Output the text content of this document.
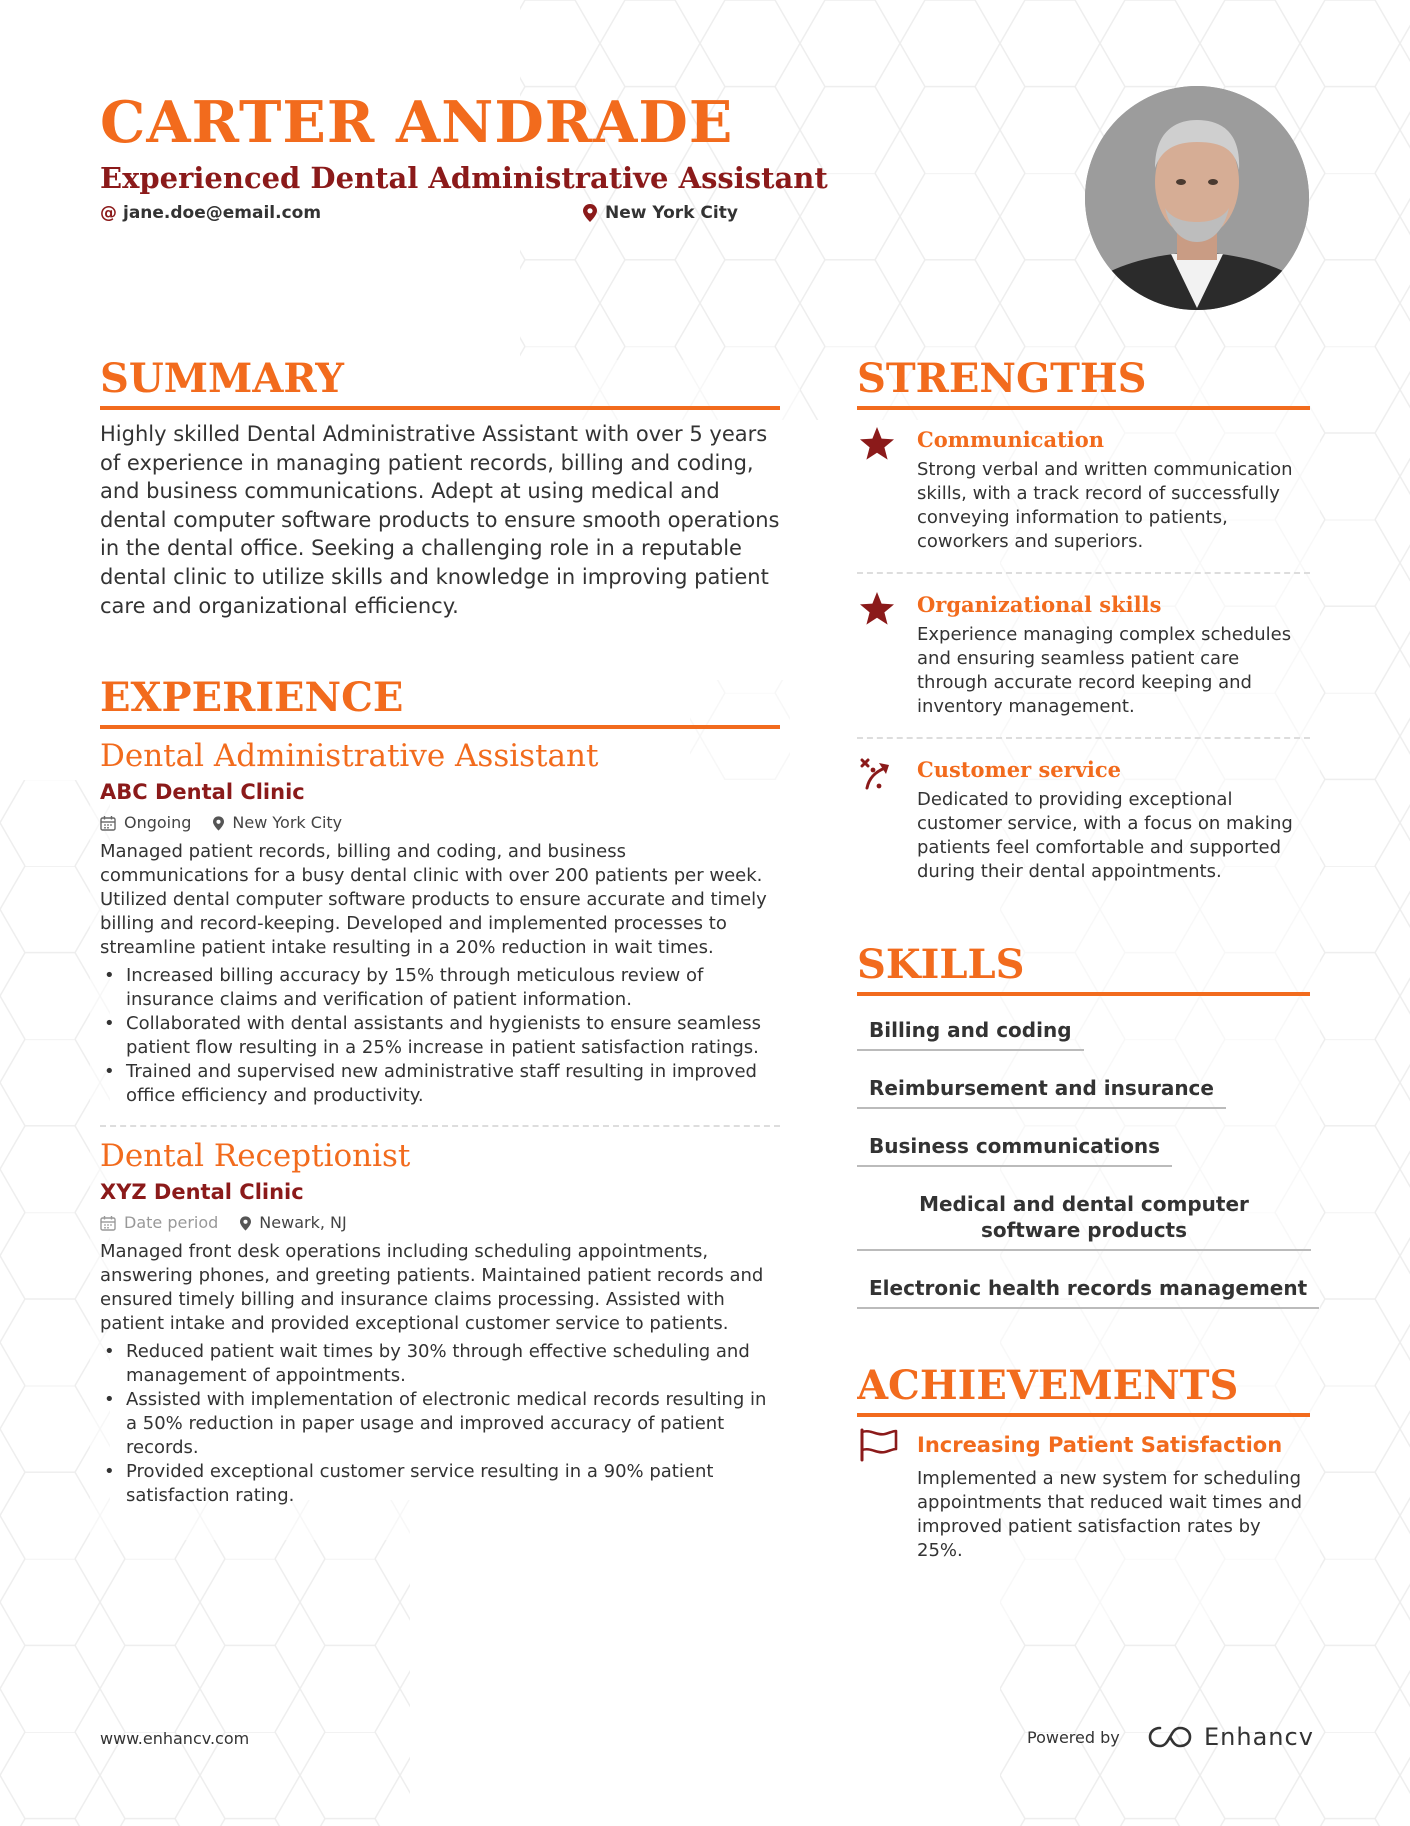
CARTER ANDRADE
Experienced Dental Administrative Assistant
@ jane.doe@email.com	New York City
SUMMARY
Highly skilled Dental Administrative Assistant with over 5 years of experience in managing patient records, billing and coding, and business communications. Adept at using medical and dental computer software products to ensure smooth operations in the dental office. Seeking a challenging role in a reputable dental clinic to utilize skills and knowledge in improving patient care and organizational efficiency.
EXPERIENCE
Dental Administrative Assistant
ABC Dental Clinic
Ongoing	New York City
Managed patient records, billing and coding, and business communications for a busy dental clinic with over 200 patients per week. Utilized dental computer software products to ensure accurate and timely billing and record-keeping. Developed and implemented processes to streamline patient intake resulting in a 20% reduction in wait times.
• Increased billing accuracy by 15% through meticulous review of insurance claims and verification of patient information.
• Collaborated with dental assistants and hygienists to ensure seamless patient flow resulting in a 25% increase in patient satisfaction ratings.
• Trained and supervised new administrative staff resulting in improved office efficiency and productivity.
Dental Receptionist
XYZ Dental Clinic
Date period	Newark, NJ
Managed front desk operations including scheduling appointments, answering phones, and greeting patients. Maintained patient records and ensured timely billing and insurance claims processing. Assisted with patient intake and provided exceptional customer service to patients.
• Reduced patient wait times by 30% through effective scheduling and management of appointments.
• Assisted with implementation of electronic medical records resulting in a 50% reduction in paper usage and improved accuracy of patient records.
• Provided exceptional customer service resulting in a 90% patient satisfaction rating.
STRENGTHS
Communication
Strong verbal and written communication skills, with a track record of successfully conveying information to patients, coworkers and superiors.
Organizational skills
Experience managing complex schedules and ensuring seamless patient care through accurate record keeping and inventory management.
Customer service
Dedicated to providing exceptional customer service, with a focus on making patients feel comfortable and supported during their dental appointments.
SKILLS
Billing and coding
Reimbursement and insurance
Business communications
Medical and dental computer software products
Electronic health records management
ACHIEVEMENTS
Increasing Patient Satisfaction
Implemented a new system for scheduling appointments that reduced wait times and improved patient satisfaction rates by 25%.
www.enhancv.com	Powered by	Enhancv
